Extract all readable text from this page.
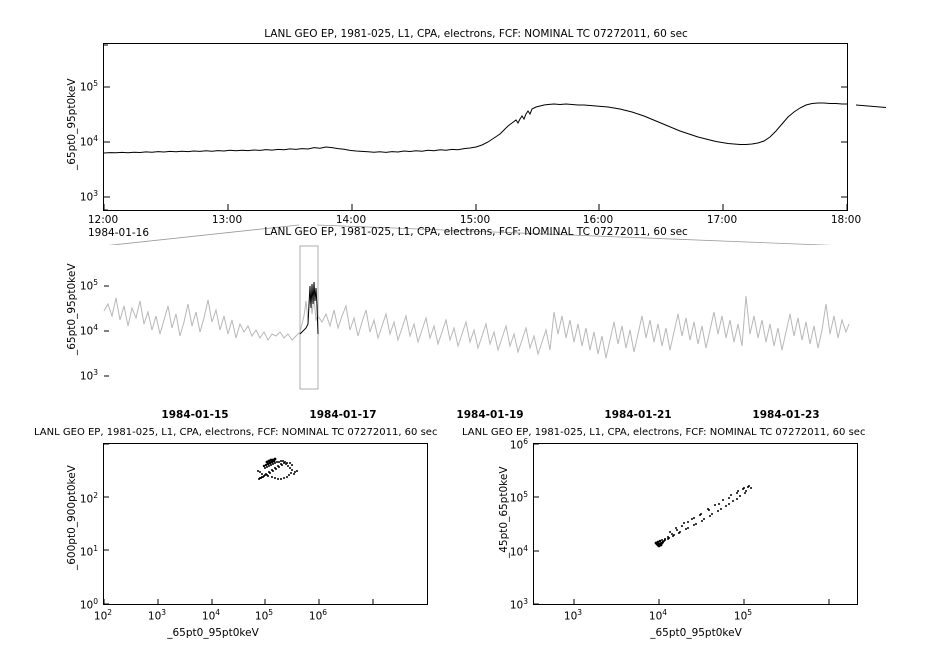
LANL GEO EP, 1981-025, L1, CPA, electrons, FCF: NOMINAL TC 07272011, 60 sec
_65pt0_95pt0keV
$10^3$
$10^4$
$10^5$
12:00	13:00	14:00	15:00	16:00	17:00	18:00
1984-01-16	LANL GEO EP, 1981-025, L1, CPA, electrons, FCF: NOMINAL TC 07272011, 60 sec
_65pt0_95pt0keV
$10^3$
$10^4$
$10^5$
1984-01-15	1984-01-17	1984-01-19	1984-01-21	1984-01-23
LANL GEO EP, 1981-025, L1, CPA, electrons, FCF: NOMINAL TC 07272011, 60 sec
_600pt0_900pt0keV
$10^0$
$10^1$
$10^2$
$10^2$	$10^3$	$10^4$	$10^5$	$10^6$
_65pt0_95pt0keV
LANL GEO EP, 1981-025, L1, CPA, electrons, FCF: NOMINAL TC 07272011, 60 sec
_45pt0_65pt0keV
$10^3$
$10^4$
$10^5$
$10^6$
$10^3$	$10^4$	$10^5$
_65pt0_95pt0keV
